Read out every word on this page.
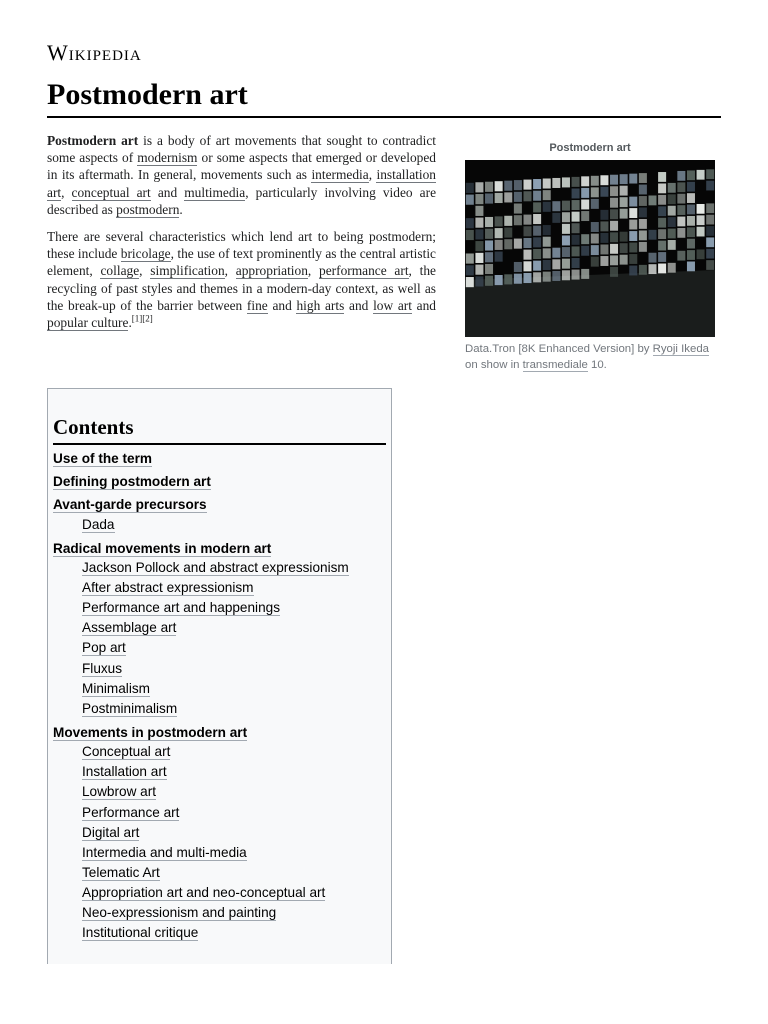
Wikipedia
Postmodern art

Postmodern art is a body of art movements that sought to contradict some aspects of modernism or some aspects that emerged or developed in its aftermath. In general, movements such as intermedia, installation art, conceptual art and multimedia, particularly involving video are described as postmodern.

There are several characteristics which lend art to being postmodern; these include bricolage, the use of text prominently as the central artistic element, collage, simplification, appropriation, performance art, the recycling of past styles and themes in a modern-day context, as well as the break-up of the barrier between fine and high arts and low art and popular culture.[1][2]

Postmodern art
Data.Tron [8K Enhanced Version] by Ryoji Ikeda on show in transmediale 10.
Contents
Use of the term
Defining postmodern art
Avant-garde precursors
Dada
Radical movements in modern art
Jackson Pollock and abstract expressionism
After abstract expressionism
Performance art and happenings
Assemblage art
Pop art
Fluxus
Minimalism
Postminimalism
Movements in postmodern art
Conceptual art
Installation art
Lowbrow art
Performance art
Digital art
Intermedia and multi-media
Telematic Art
Appropriation art and neo-conceptual art
Neo-expressionism and painting
Institutional critique
